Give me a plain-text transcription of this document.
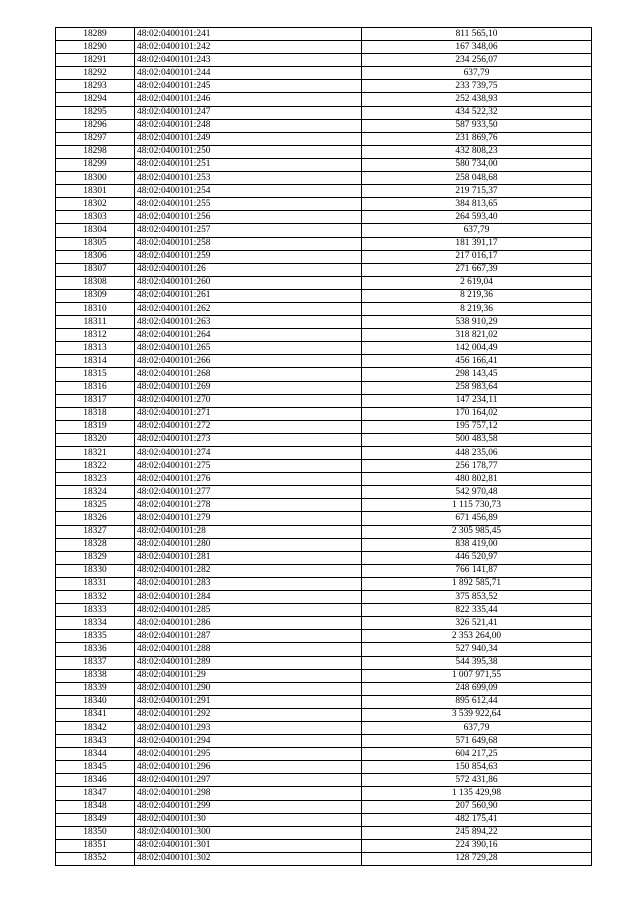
18289	48:02:0400101:241	811 565,10
18290	48:02:0400101:242	167 348,06
18291	48:02:0400101:243	234 256,07
18292	48:02:0400101:244	637,79
18293	48:02:0400101:245	233 739,75
18294	48:02:0400101:246	252 438,93
18295	48:02:0400101:247	434 522,32
18296	48:02:0400101:248	587 933,50
18297	48:02:0400101:249	231 869,76
18298	48:02:0400101:250	432 808,23
18299	48:02:0400101:251	580 734,00
18300	48:02:0400101:253	258 048,68
18301	48:02:0400101:254	219 715,37
18302	48:02:0400101:255	384 813,65
18303	48:02:0400101:256	264 593,40
18304	48:02:0400101:257	637,79
18305	48:02:0400101:258	181 391,17
18306	48:02:0400101:259	217 016,17
18307	48:02:0400101:26	271 667,39
18308	48:02:0400101:260	2 619,04
18309	48:02:0400101:261	8 219,36
18310	48:02:0400101:262	8 219,36
18311	48:02:0400101:263	538 910,29
18312	48:02:0400101:264	318 821,02
18313	48:02:0400101:265	142 004,49
18314	48:02:0400101:266	456 166,41
18315	48:02:0400101:268	298 143,45
18316	48:02:0400101:269	258 983,64
18317	48:02:0400101:270	147 234,11
18318	48:02:0400101:271	170 164,02
18319	48:02:0400101:272	195 757,12
18320	48:02:0400101:273	500 483,58
18321	48:02:0400101:274	448 235,06
18322	48:02:0400101:275	256 178,77
18323	48:02:0400101:276	480 802,81
18324	48:02:0400101:277	542 970,48
18325	48:02:0400101:278	1 115 730,73
18326	48:02:0400101:279	671 456,89
18327	48:02:0400101:28	2 305 985,45
18328	48:02:0400101:280	838 419,00
18329	48:02:0400101:281	446 520,97
18330	48:02:0400101:282	766 141,87
18331	48:02:0400101:283	1 892 585,71
18332	48:02:0400101:284	375 853,52
18333	48:02:0400101:285	822 335,44
18334	48:02:0400101:286	326 521,41
18335	48:02:0400101:287	2 353 264,00
18336	48:02:0400101:288	527 940,34
18337	48:02:0400101:289	544 395,38
18338	48:02:0400101:29	1 007 971,55
18339	48:02:0400101:290	248 699,09
18340	48:02:0400101:291	895 612,44
18341	48:02:0400101:292	3 539 922,64
18342	48:02:0400101:293	637,79
18343	48:02:0400101:294	571 649,68
18344	48:02:0400101:295	604 217,25
18345	48:02:0400101:296	150 854,63
18346	48:02:0400101:297	572 431,86
18347	48:02:0400101:298	1 135 429,98
18348	48:02:0400101:299	207 560,90
18349	48:02:0400101:30	482 175,41
18350	48:02:0400101:300	245 894,22
18351	48:02:0400101:301	224 390,16
18352	48:02:0400101:302	128 729,28
